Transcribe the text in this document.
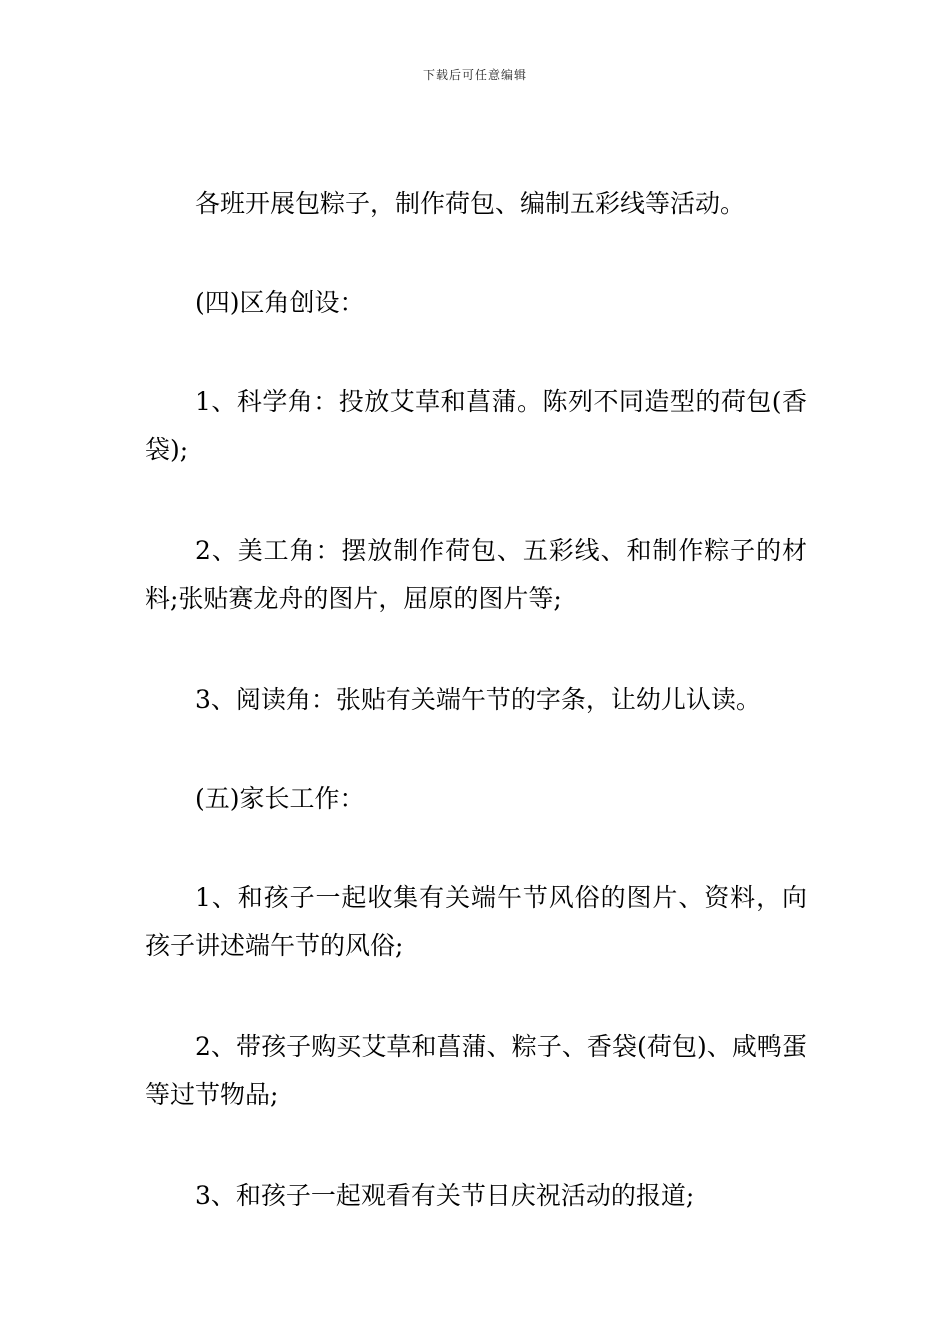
下载后可任意编辑

各班开展包粽子，制作荷包、编制五彩线等活动。

(四)区角创设：

1、科学角：投放艾草和菖蒲。陈列不同造型的荷包(香袋);

2、美工角：摆放制作荷包、五彩线、和制作粽子的材料;张贴赛龙舟的图片，屈原的图片等;

3、阅读角：张贴有关端午节的字条，让幼儿认读。

(五)家长工作：

1、和孩子一起收集有关端午节风俗的图片、资料，向孩子讲述端午节的风俗;

2、带孩子购买艾草和菖蒲、粽子、香袋(荷包)、咸鸭蛋等过节物品;

3、和孩子一起观看有关节日庆祝活动的报道;
